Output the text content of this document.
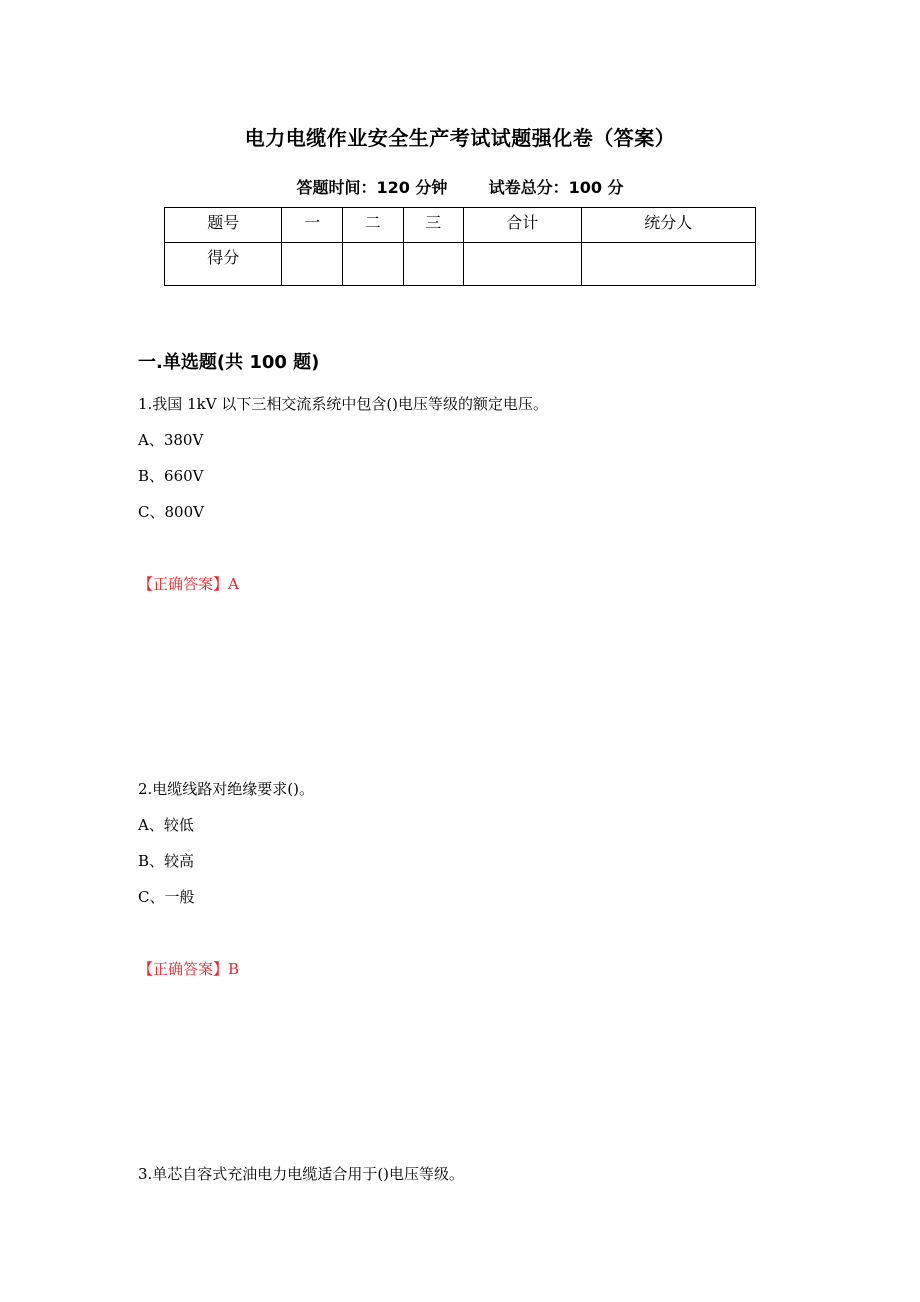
电力电缆作业安全生产考试试题强化卷（答案）
答题时间：120 分钟	试卷总分：100 分
题号	一	二	三	合计	统分人
得分					
一.单选题(共 100 题)
1.我国 1kV 以下三相交流系统中包含()电压等级的额定电压。
A、380V
B、660V
C、800V
【正确答案】A
2.电缆线路对绝缘要求()。
A、较低
B、较高
C、一般
【正确答案】B
3.单芯自容式充油电力电缆适合用于()电压等级。
